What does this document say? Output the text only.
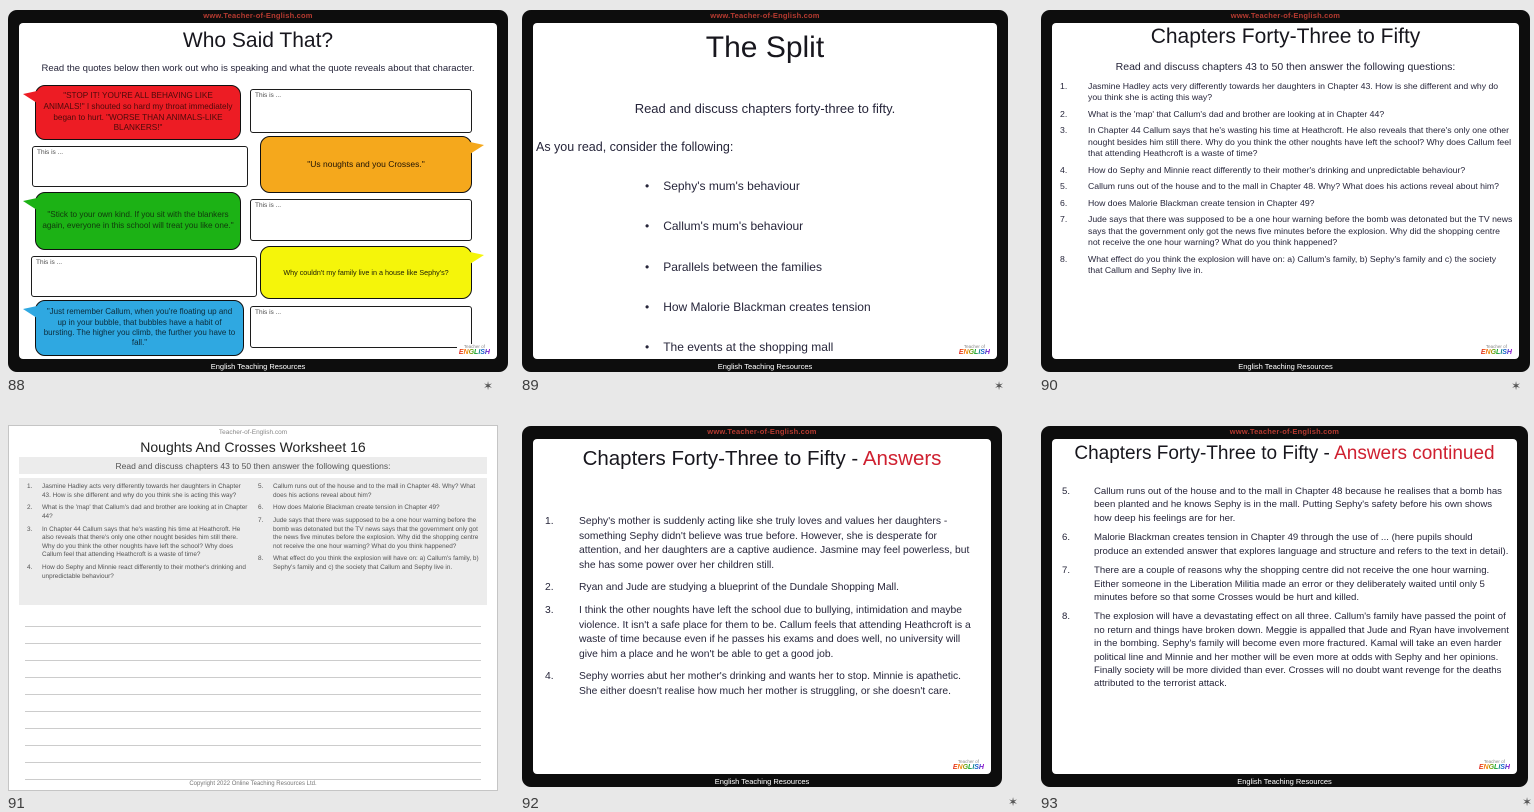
www.Teacher-of-English.com
English Teaching Resources
Who Said That?
Read the quotes below then work out who is speaking and what the quote reveals about that character.
"STOP IT! YOU'RE ALL BEHAVING LIKE ANIMALS!" I shouted so hard my throat immediately began to hurt. "WORSE THAN ANIMALS-LIKE BLANKERS!"
This is ...
This is ...
"Us noughts and you Crosses."
"Stick to your own kind. If you sit with the blankers again, everyone in this school will treat you like one."
This is ...
This is ...
Why couldn't my family live in a house like Sephy's?
"Just remember Callum, when you're floating up and up in your bubble, that bubbles have a habit of bursting. The higher you climb, the further you have to fall."
This is ...
Teacher of
ENGLISH
88	✶
www.Teacher-of-English.com
English Teaching Resources
The Split
Read and discuss chapters forty-three to fifty.
As you read, consider the following:
•
Sephy's mum's behaviour
•
Callum's mum's behaviour
•
Parallels between the families
•
How Malorie Blackman creates tension
•
The events at the shopping mall	Teacher of
ENGLISH
89	✶
www.Teacher-of-English.com
English Teaching Resources
Chapters Forty-Three to Fifty
Read and discuss chapters 43 to 50 then answer the following questions:
1.	Jasmine Hadley acts very differently towards her daughters in Chapter 43. How is she different and why do you think she is acting this way?
2.	What is the 'map' that Callum's dad and brother are looking at in Chapter 44?
3.	In Chapter 44 Callum says that he's wasting his time at Heathcroft. He also reveals that there's only one other nought besides him still there. Why do you think the other noughts have left the school? Why does Callum feel that attending Heathcroft is a waste of time?
4.	How do Sephy and Minnie react differently to their mother's drinking and unpredictable behaviour?
5.	Callum runs out of the house and to the mall in Chapter 48. Why? What does his actions reveal about him?
6.	How does Malorie Blackman create tension in Chapter 49?
7.	Jude says that there was supposed to be a one hour warning before the bomb was detonated but the TV news says that the government only got the news five minutes before the explosion. Why did the shopping centre not receive the one hour warning? What do you think happened?
8.	What effect do you think the explosion will have on: a) Callum's family, b) Sephy's family and c) the society that Callum and Sephy live in.
Teacher of
ENGLISH
90	✶
Teacher-of-English.com
Noughts And Crosses Worksheet 16
Read and discuss chapters 43 to 50 then answer the following questions:
1.	Jasmine Hadley acts very differently towards her daughters in Chapter 43. How is she different and why do you think she is acting this way?
2.	What is the 'map' that Callum's dad and brother are looking at in Chapter 44?
3.	In Chapter 44 Callum says that he's wasting his time at Heathcroft. He also reveals that there's only one other nought besides him still there. Why do you think the other noughts have left the school? Why does Callum feel that attending Heathcroft is a waste of time?
4.	How do Sephy and Minnie react differently to their mother's drinking and unpredictable behaviour?
5.	Callum runs out of the house and to the mall in Chapter 48. Why? What does his actions reveal about him?
6.	How does Malorie Blackman create tension in Chapter 49?
7.	Jude says that there was supposed to be a one hour warning before the bomb was detonated but the TV news says that the government only got the news five minutes before the explosion. Why did the shopping centre not receive the one hour warning? What do you think happened?
8.	What effect do you think the explosion will have on: a) Callum's family, b) Sephy's family and c) the society that Callum and Sephy live in.
Copyright 2022 Online Teaching Resources Ltd.
91
www.Teacher-of-English.com
English Teaching Resources
Chapters Forty-Three to Fifty - Answers
1.	Sephy's mother is suddenly acting like she truly loves and values her daughters - something Sephy didn't believe was true before. However, she is desperate for attention, and her daughters are a captive audience. Jasmine may feel powerless, but she has some power over her children still.
2.	Ryan and Jude are studying a blueprint of the Dundale Shopping Mall.
3.	I think the other noughts have left the school due to bullying, intimidation and maybe violence. It isn't a safe place for them to be. Callum feels that attending Heathcroft is a waste of time because even if he passes his exams and does well, no university will give him a place and he won't be able to get a good job.
4.	Sephy worries abut her mother's drinking and wants her to stop. Minnie is apathetic. She either doesn't realise how much her mother is struggling, or she doesn't care.
Teacher of
ENGLISH
92	✶
www.Teacher-of-English.com
English Teaching Resources
Chapters Forty-Three to Fifty - Answers continued
5.	Callum runs out of the house and to the mall in Chapter 48 because he realises that a bomb has been planted and he knows Sephy is in the mall. Putting Sephy's safety before his own shows how deep his feelings are for her.
6.	Malorie Blackman creates tension in Chapter 49 through the use of ... (here pupils should produce an extended answer that explores language and structure and refers to the text in detail).
7.	There are a couple of reasons why the shopping centre did not receive the one hour warning. Either someone in the Liberation Militia made an error or they deliberately waited until only 5 minutes before so that some Crosses would be hurt and killed.
8.	The explosion will have a devastating effect on all three. Callum's family have passed the point of no return and things have broken down. Meggie is appalled that Jude and Ryan have involvement in the bombing. Sephy's family will become even more fractured. Kamal will take an even harder political line and Minnie and her mother will be even more at odds with Sephy and her opinions. Finally society will be more divided than ever. Crosses will no doubt want revenge for the deaths attributed to the terrorist attack.
Teacher of
ENGLISH
93	✶
